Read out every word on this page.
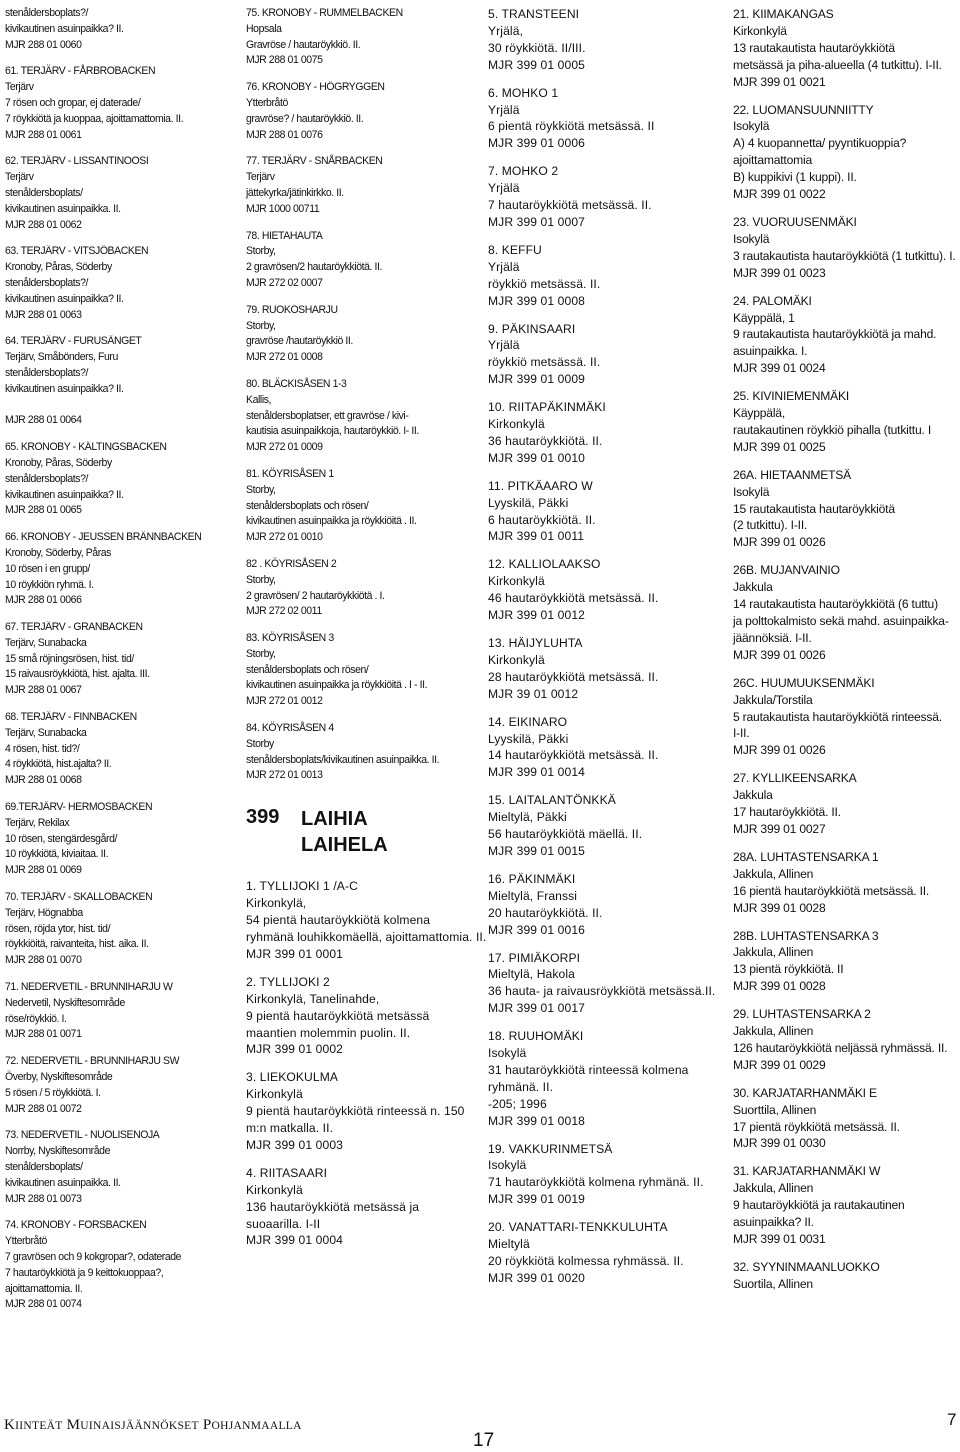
stenåldersboplats?/
kivikautinen asuinpaikka? II.
MJR 288 01 0060
61. TERJÄRV - FÅRBROBACKEN
Terjärv
7 rösen och gropar, ej daterade/
7 röykkiötä ja kuoppaa, ajoittamattomia. II.
MJR 288 01 0061
62. TERJÄRV - LISSANTINOOSI
Terjärv
stenåldersboplats/
kivikautinen asuinpaikka. II.
MJR 288 01 0062
63. TERJÄRV - VITSJÖBACKEN
Kronoby, Påras, Söderby
stenåldersboplats?/
kivikautinen asuinpaikka? II.
MJR 288 01 0063
64. TERJÄRV - FURUSÄNGET
Terjärv, Småbönders, Furu
stenåldersboplats?/
kivikautinen asuinpaikka? II.

MJR 288 01 0064
65. KRONOBY - KÄLTINGSBACKEN
Kronoby, Påras, Söderby
stenåldersboplats?/
kivikautinen asuinpaikka? II.
MJR 288 01 0065
66. KRONOBY - JEUSSEN BRÄNNBACKEN
Kronoby, Söderby, Påras
10 rösen i en grupp/
10 röykkiön ryhmä. I.
MJR 288 01 0066
67. TERJÄRV - GRANBACKEN
Terjärv, Sunabacka
15 små röjningsrösen, hist. tid/
15 raivausröykkiötä, hist. ajalta. III.
MJR 288 01 0067
68. TERJÄRV - FINNBACKEN
Terjärv, Sunabacka
4 rösen, hist. tid?/
4 röykkiötä, hist.ajalta? II.
MJR 288 01 0068
69.TERJÄRV- HERMOSBACKEN
Terjärv, Rekilax
10 rösen, stengärdesgård/
10 röykkiötä, kiviaitaa. II.
MJR 288 01 0069
70. TERJÄRV - SKALLOBACKEN
Terjärv, Högnabba
rösen, röjda ytor, hist. tid/
röykkiöitä, raivanteita, hist. aika. II.
MJR 288 01 0070
71. NEDERVETIL - BRUNNIHARJU W
Nedervetil, Nyskiftesområde
röse/röykkiö. I.
MJR 288 01 0071
72. NEDERVETIL - BRUNNIHARJU SW
Överby, Nyskiftesområde
5 rösen / 5 röykkiötä. I.
MJR 288 01 0072
73. NEDERVETIL - NUOLISENOJA
Norrby, Nyskiftesområde
stenåldersboplats/
kivikautinen asuinpaikka. II.
MJR 288 01 0073
74. KRONOBY - FORSBACKEN
Ytterbråtö
7 gravrösen och 9 kokgropar?, odaterade
7 hautaröykkiötä ja 9 keittokuoppaa?,
ajoittamattomia. II.
MJR 288 01 0074
75. KRONOBY - RUMMELBACKEN
Hopsala
Gravröse / hautaröykkiö. II.
MJR 288 01 0075
76. KRONOBY - HÖGRYGGEN
Ytterbråtö
gravröse? / hautaröykkiö. II.
MJR 288 01 0076
77. TERJÄRV - SNÅRBACKEN
Terjärv
jättekyrka/jätinkirkko. II.
MJR 1000 00711
78. HIETAHAUTA
Storby,
2 gravrösen/2 hautaröykkiötä. II.
MJR 272 02 0007
79. RUOKOSHARJU
Storby,
gravröse /hautaröykkiö II.
MJR 272 01 0008
80. BLÄCKISÅSEN 1-3
Kallis,
stenåldersboplatser, ett gravröse / kivi-
kautisia asuinpaikkoja, hautaröykkiö. I- II.
MJR 272 01 0009
81. KÖYRISÅSEN 1
Storby,
stenåldersboplats och rösen/
kivikautinen asuinpaikka ja röykkiöitä . II.
MJR 272 01 0010
82 . KÖYRISÅSEN 2
Storby,
2 gravrösen/ 2 hautaröykkiötä . I.
MJR 272 02 0011
83. KÖYRISÅSEN 3
Storby,
stenåldersboplats och rösen/
kivikautinen asuinpaikka ja röykkiöitä . I - II.
MJR 272 01 0012
84. KÖYRISÅSEN 4
Storby
stenåldersboplats/kivikautinen asuinpaikka. II.
MJR 272 01 0013
399 LAIHIA
LAIHELA
1. TYLLIJOKI 1 /A-C
Kirkonkylä,
54 pientä hautaröykkiötä kolmena
ryhmänä louhikkomäellä, ajoittamattomia. II.
MJR 399 01 0001
2. TYLLIJOKI 2
Kirkonkylä, Tanelinahde,
9 pientä hautaröykkiötä metsässä
maantien molemmin puolin. II.
MJR 399 01 0002
3. LIEKOKULMA
Kirkonkylä
9 pientä hautaröykkiötä rinteessä n. 150
m:n matkalla. II.
MJR 399 01 0003
4. RIITASAARI
Kirkonkylä
136 hautaröykkiötä metsässä ja
suoaarilla. I-II
MJR 399 01 0004
5. TRANSTEENI
Yrjälä,
30 röykkiötä. II/III.
MJR 399 01 0005
6. MOHKO 1
Yrjälä
6 pientä röykkiötä metsässä. II
MJR 399 01 0006
7. MOHKO 2
Yrjälä
7 hautaröykkiötä metsässä. II.
MJR 399 01 0007
8. KEFFU
Yrjälä
röykkiö metsässä. II.
MJR 399 01 0008
9. PÄKINSAARI
Yrjälä
röykkiö metsässä. II.
MJR 399 01 0009
10. RIITAPÄKINMÄKI
Kirkonkylä
36 hautaröykkiötä. II.
MJR 399 01 0010
11. PITKÄAARO W
Lyyskilä, Päkki
6 hautaröykkiötä. II.
MJR 399 01 0011
12. KALLIOLAAKSO
Kirkonkylä
46 hautaröykkiötä metsässä. II.
MJR 399 01 0012
13. HÄIJYLUHTA
Kirkonkylä
28 hautaröykkiötä metsässä. II.
MJR 39 01 0012
14. EIKINARO
Lyyskilä, Päkki
14 hautaröykkiötä metsässä. II.
MJR 399 01 0014
15. LAITALANTÖNKKÄ
Mieltylä, Päkki
56 hautaröykkiötä mäellä. II.
MJR 399 01 0015
16. PÄKINMÄKI
Mieltylä, Franssi
20 hautaröykkiötä. II.
MJR 399 01 0016
17. PIMIÄKORPI
Mieltylä, Hakola
36 hauta- ja raivausröykkiötä metsässä.II.
MJR 399 01 0017
18. RUUHOMÄKI
Isokylä
31 hautaröykkiötä rinteessä kolmena
ryhmänä. II.
-205; 1996
MJR 399 01 0018
19. VAKKURINMETSÄ
Isokylä
71 hautaröykkiötä kolmena ryhmänä. II.
MJR 399 01 0019
20. VANATTARI-TENKKULUHTA
Mieltylä
20 röykkiötä kolmessa ryhmässä. II.
MJR 399 01 0020
21. KIIMAKANGAS
Kirkonkylä
13 rautakautista hautaröykkiötä
metsässä ja piha-alueella (4 tutkittu). I-II.
MJR 399 01 0021
22. LUOMANSUUNNIITTY
Isokylä
A) 4 kuopannetta/ pyyntikuoppia?
ajoittamattomia
B) kuppikivi (1 kuppi). II.
MJR 399 01 0022
23. VUORUUSENMÄKI
Isokylä
3 rautakautista hautaröykkiötä (1 tutkittu). I.
MJR 399 01 0023
24. PALOMÄKI
Käyppälä, 1
9 rautakautista hautaröykkiötä ja mahd.
asuinpaikka. I.
MJR 399 01 0024
25. KIVINIEMENMÄKI
Käyppälä,
rautakautinen röykkiö pihalla (tutkittu. I
MJR 399 01 0025
26A. HIETAANMETSÄ
Isokylä
15 rautakautista hautaröykkiötä
(2 tutkittu). I-II.
MJR 399 01 0026
26B. MUJANVAINIO
Jakkula
14 rautakautista hautaröykkiötä (6 tuttu)
ja polttokalmisto sekä mahd. asuinpaikka-
jäännöksiä. I-II.
MJR 399 01 0026
26C. HUUMUUKSENMÄKI
Jakkula/Torstila
5 rautakautista hautaröykkiötä rinteessä.
I-II.
MJR 399 01 0026
27. KYLLIKEENSARKA
Jakkula
17 hautaröykkiötä. II.
MJR 399 01 0027
28A. LUHTASTENSARKA 1
Jakkula, Allinen
16 pientä hautaröykkiötä metsässä. II.
MJR 399 01 0028
28B. LUHTASTENSARKA 3
Jakkula, Allinen
13 pientä röykkiötä. II
MJR 399 01 0028
29. LUHTASTENSARKA 2
Jakkula, Allinen
126 hautaröykkiötä neljässä ryhmässä. II.
MJR 399 01 0029
30. KARJATARHANMÄKI E
Suorttila, Allinen
17 pientä röykkiötä metsässä. II.
MJR 399 01 0030
31. KARJATARHANMÄKI W
Jakkula, Allinen
9 hautaröykkiötä ja rautakautinen
asuinpaikka? II.
MJR 399 01 0031
32. SYYNINMAANLUOKKO
Suortila, Allinen
KIINTEÄT MUINAISJÄÄNNÖKSET POHJANMAALLA
17
7
